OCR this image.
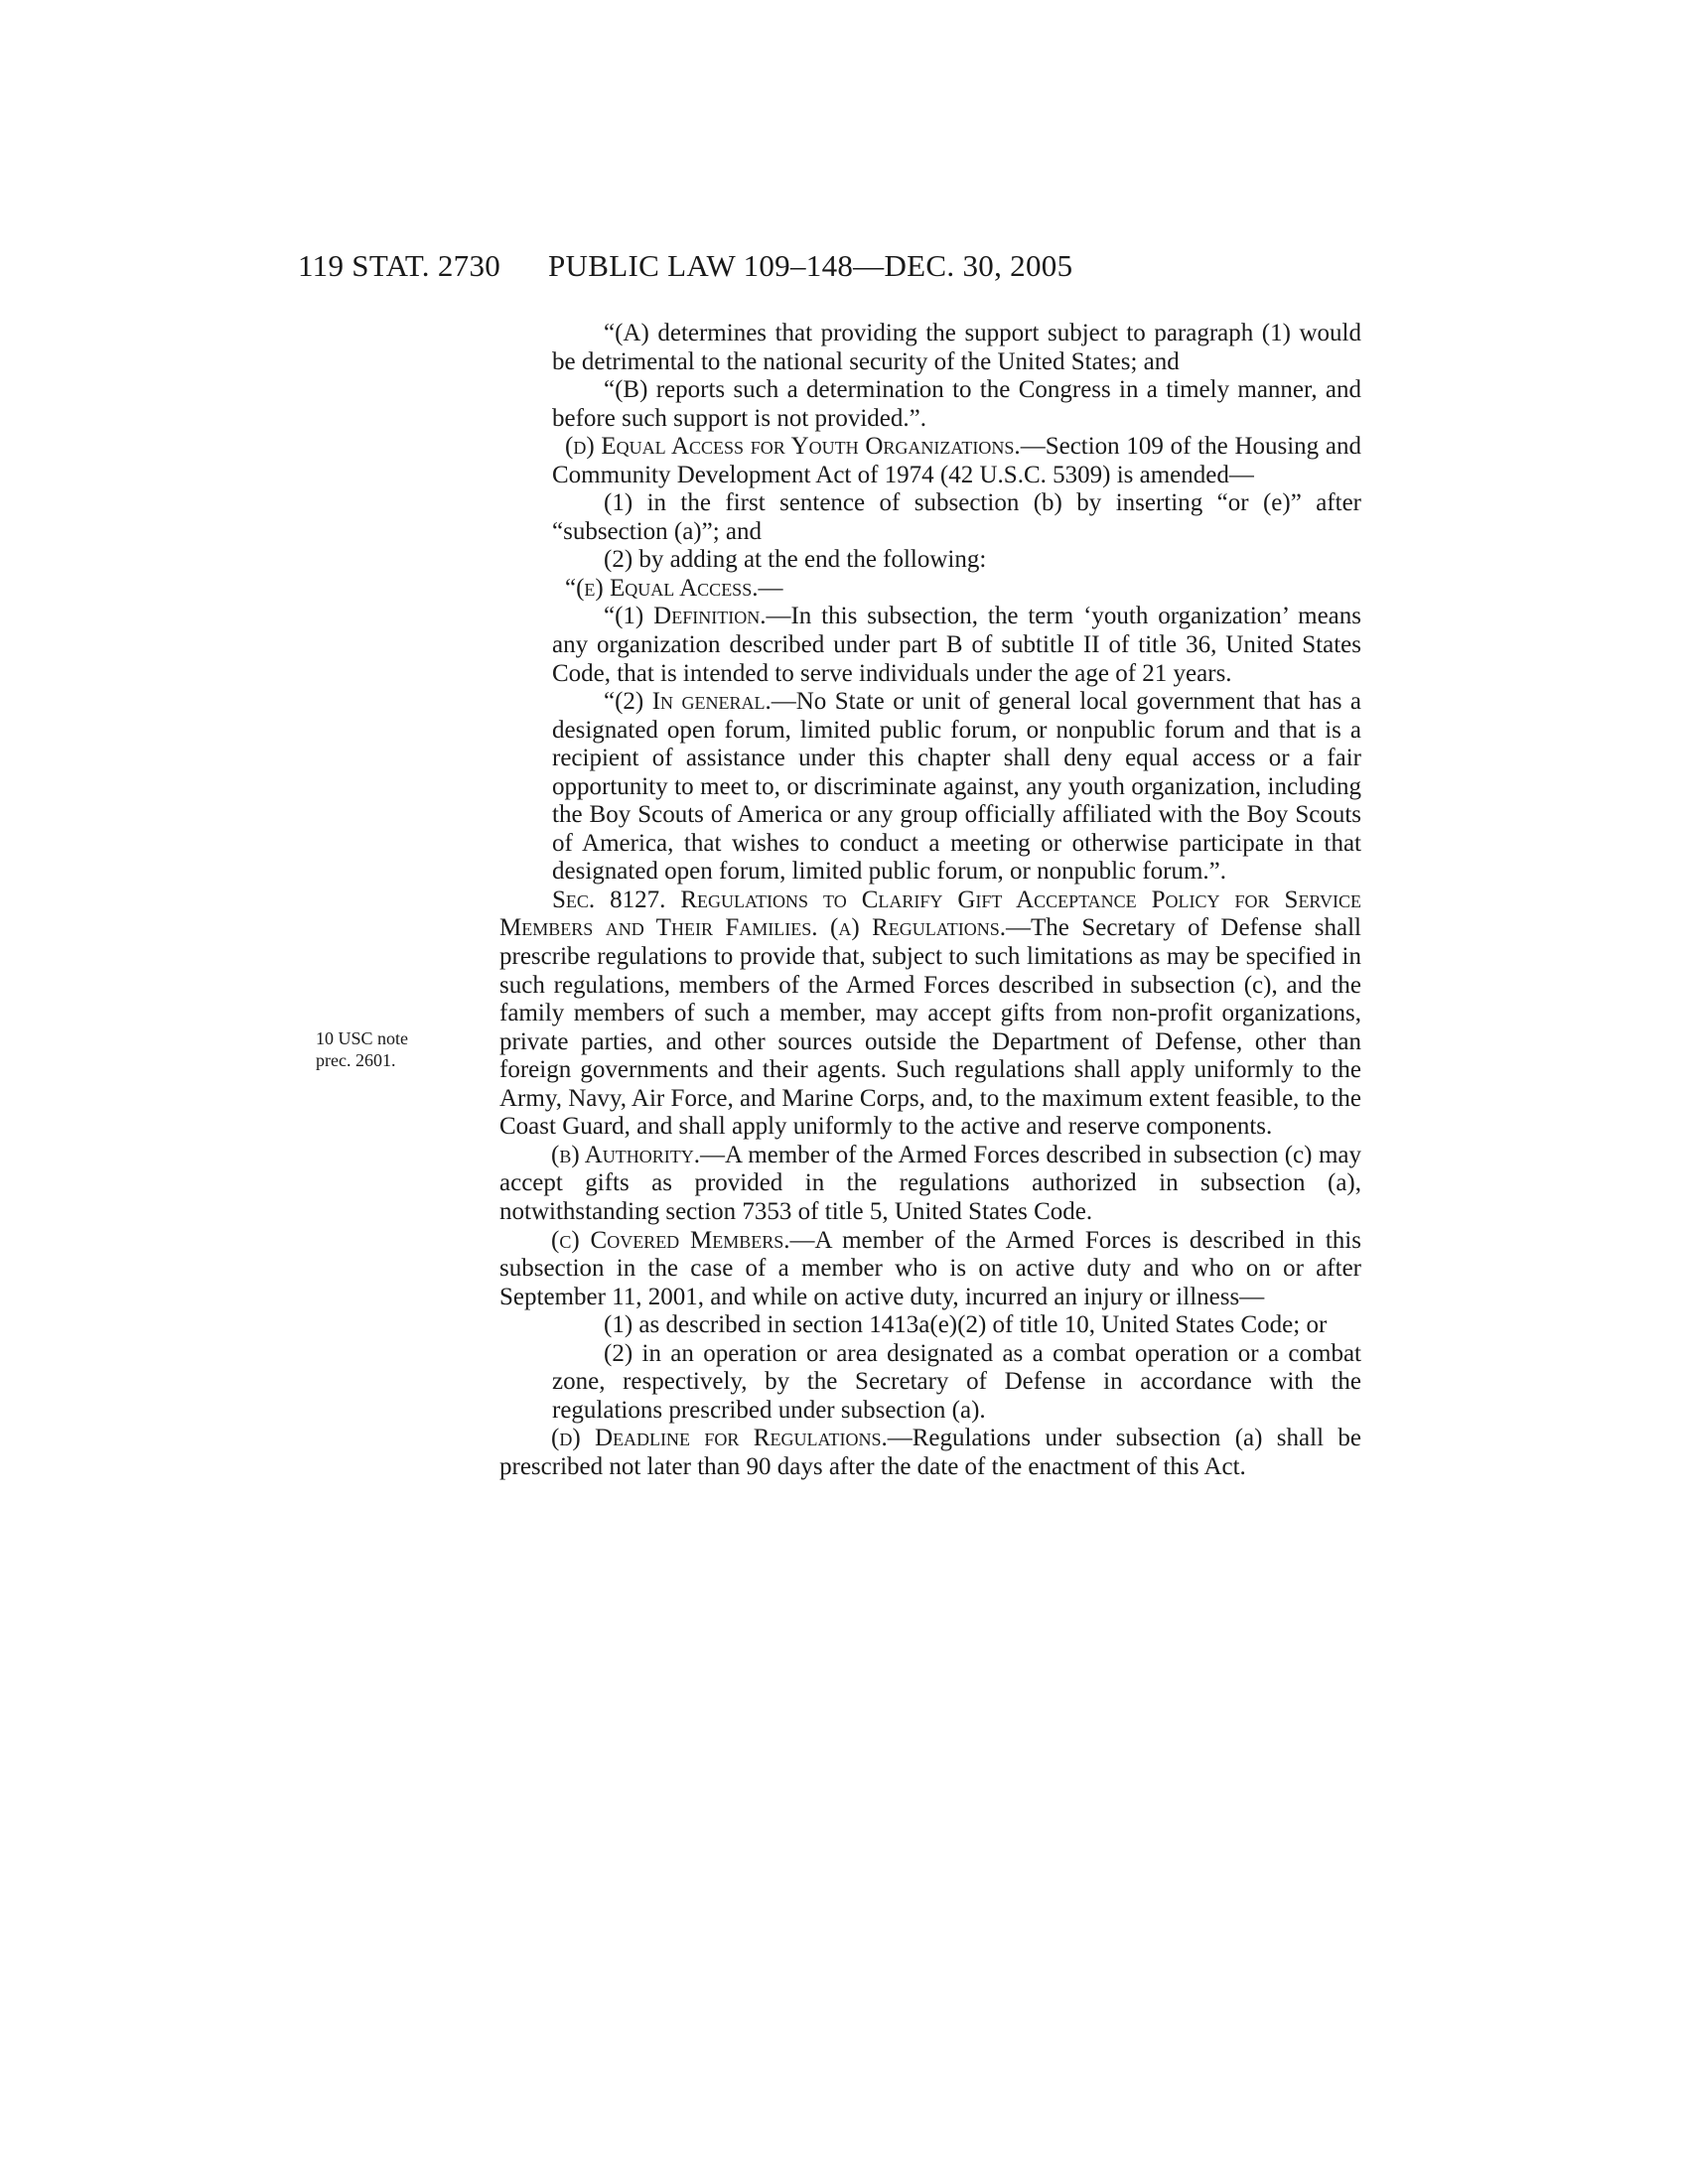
119 STAT. 2730 PUBLIC LAW 109–148—DEC. 30, 2005
10 USC note
prec. 2601.

“(A) determines that providing the support subject to paragraph (1) would be detrimental to the national security of the United States; and

“(B) reports such a determination to the Congress in a timely manner, and before such support is not provided.”.

(d) Equal Access for Youth Organizations.—Section 109 of the Housing and Community Development Act of 1974 (42 U.S.C. 5309) is amended—

(1) in the first sentence of subsection (b) by inserting “or (e)” after “subsection (a)”; and

(2) by adding at the end the following:

“(e) Equal Access.—

“(1) Definition.—In this subsection, the term ‘youth organization’ means any organization described under part B of subtitle II of title 36, United States Code, that is intended to serve individuals under the age of 21 years.

“(2) In general.—No State or unit of general local government that has a designated open forum, limited public forum, or nonpublic forum and that is a recipient of assistance under this chapter shall deny equal access or a fair opportunity to meet to, or discriminate against, any youth organization, including the Boy Scouts of America or any group officially affiliated with the Boy Scouts of America, that wishes to conduct a meeting or otherwise participate in that designated open forum, limited public forum, or nonpublic forum.”.

Sec. 8127. Regulations to Clarify Gift Acceptance Policy for Service Members and Their Families. (a) Regulations.—The Secretary of Defense shall prescribe regulations to provide that, subject to such limitations as may be specified in such regulations, members of the Armed Forces described in subsection (c), and the family members of such a member, may accept gifts from non-profit organizations, private parties, and other sources outside the Department of Defense, other than foreign governments and their agents. Such regulations shall apply uniformly to the Army, Navy, Air Force, and Marine Corps, and, to the maximum extent feasible, to the Coast Guard, and shall apply uniformly to the active and reserve components.

(b) Authority.—A member of the Armed Forces described in subsection (c) may accept gifts as provided in the regulations authorized in subsection (a), notwithstanding section 7353 of title 5, United States Code.

(c) Covered Members.—A member of the Armed Forces is described in this subsection in the case of a member who is on active duty and who on or after September 11, 2001, and while on active duty, incurred an injury or illness—

(1) as described in section 1413a(e)(2) of title 10, United States Code; or

(2) in an operation or area designated as a combat operation or a combat zone, respectively, by the Secretary of Defense in accordance with the regulations prescribed under subsection (a).

(d) Deadline for Regulations.—Regulations under subsection (a) shall be prescribed not later than 90 days after the date of the enactment of this Act.
